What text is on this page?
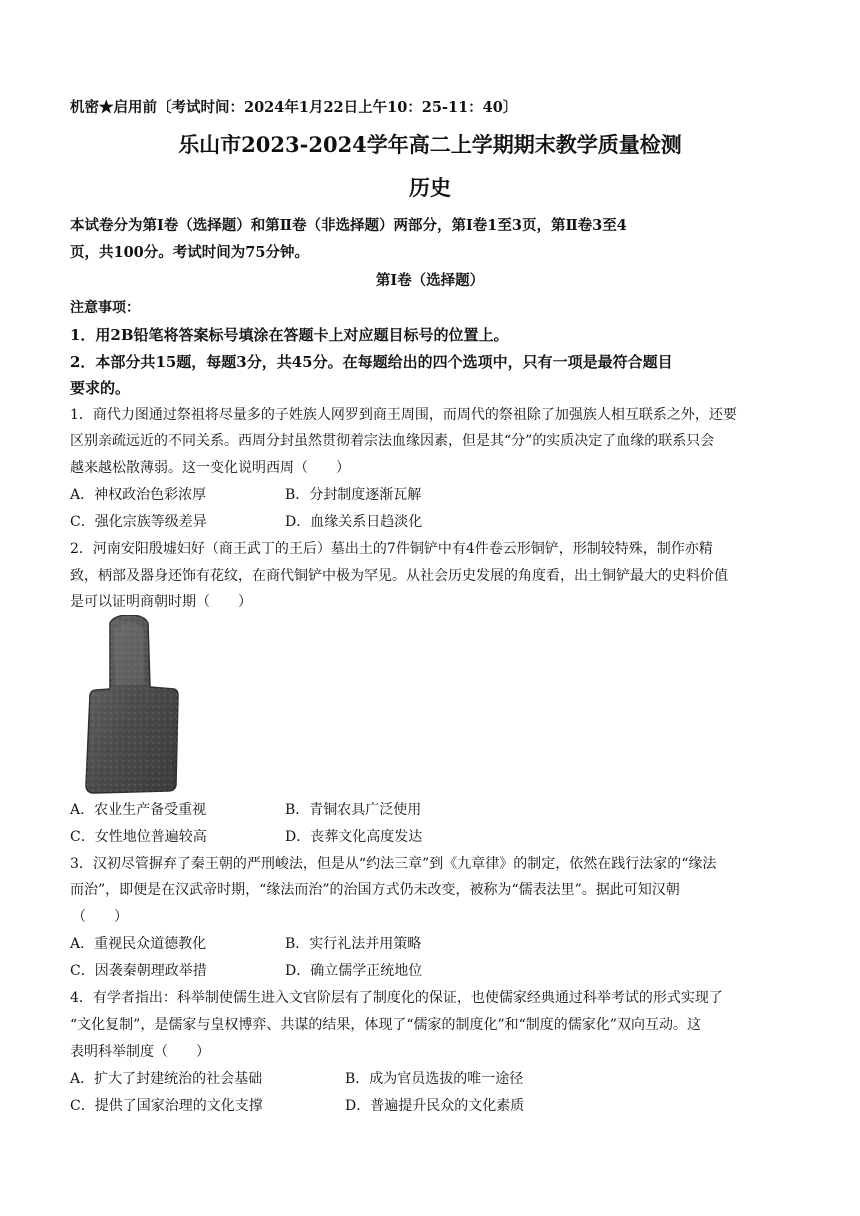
机密★启用前〔考试时间：2024年1月22日上午10：25-11：40〕
乐山市2023-2024学年高二上学期期末教学质量检测
历史
本试卷分为第Ⅰ卷（选择题）和第Ⅱ卷（非选择题）两部分，第Ⅰ卷1至3页，第Ⅱ卷3至4
页，共100分。考试时间为75分钟。
第Ⅰ卷（选择题）
注意事项：
1．用2B铅笔将答案标号填涂在答题卡上对应题目标号的位置上。
2．本部分共15题，每题3分，共45分。在每题给出的四个选项中，只有一项是最符合题目
要求的。
1．商代力图通过祭祖将尽量多的子姓族人网罗到商王周围，而周代的祭祖除了加强族人相互联系之外，还要
区别亲疏远近的不同关系。西周分封虽然贯彻着宗法血缘因素，但是其“分”的实质决定了血缘的联系只会
越来越松散薄弱。这一变化说明西周（　　）
A．神权政治色彩浓厚	B．分封制度逐渐瓦解
C．强化宗族等级差异	D．血缘关系日趋淡化
2．河南安阳殷墟妇好（商王武丁的王后）墓出土的7件铜铲中有4件卷云形铜铲，形制较特殊，制作亦精
致，柄部及器身还饰有花纹，在商代铜铲中极为罕见。从社会历史发展的角度看，出土铜铲最大的史料价值
是可以证明商朝时期（　　）
A．农业生产备受重视	B．青铜农具广泛使用
C．女性地位普遍较高	D．丧葬文化高度发达
3．汉初尽管摒弃了秦王朝的严刑峻法，但是从“约法三章”到《九章律》的制定，依然在践行法家的“缘法
而治”，即便是在汉武帝时期，“缘法而治”的治国方式仍未改变，被称为“儒表法里”。据此可知汉朝
（　　）
A．重视民众道德教化	B．实行礼法并用策略
C．因袭秦朝理政举措	D．确立儒学正统地位
4．有学者指出：科举制使儒生进入文官阶层有了制度化的保证，也使儒家经典通过科举考试的形式实现了
“文化复制”，是儒家与皇权博弈、共谋的结果，体现了“儒家的制度化”和“制度的儒家化”双向互动。这
表明科举制度（　　）
A．扩大了封建统治的社会基础	B．成为官员选拔的唯一途径
C．提供了国家治理的文化支撑	D．普遍提升民众的文化素质
